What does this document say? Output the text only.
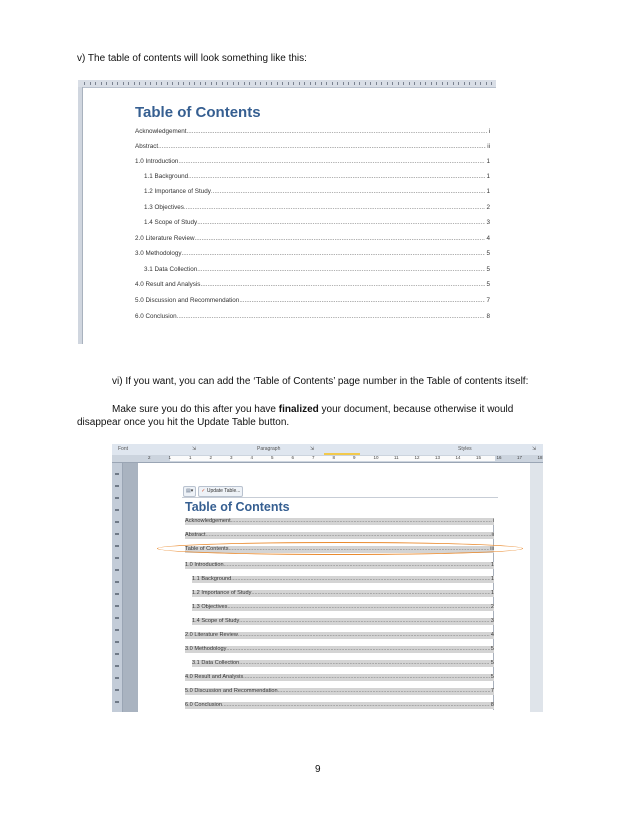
v) The table of contents will look something like this:

Table of Contents
Acknowledgement .....	i
Abstract .....	ii
1.0 Introduction .....	1
1.1 Background .....	1
1.2 Importance of Study .....	1
1.3 Objectives .....	2
1.4 Scope of Study .....	3
2.0 Literature Review .....	4
3.0 Methodology .....	5
3.1 Data Collection .....	5
4.0 Result and Analysis .....	5
5.0 Discussion and Recommendation .....	7
6.0 Conclusion .....	8

vi) If you want, you can add the ‘Table of Contents’ page number in the Table of contents itself:

Make sure you do this after you have finalized your document, because otherwise it would

disappear once you hit the Update Table button.

Font	⇲	Paragraph	⇲	Styles	⇲
2	1	1	2	3	4	5	6	7	8	9	10	11	12	13	14	15	16	17	18
▤ ▾ ✓
Update Table...
Table of Contents
Acknowledgement .....	i
Abstract .....	ii
Table of Contents .....	iii
1.0 Introduction .....	1
1.1 Background .....	1
1.2 Importance of Study .....	1
1.3 Objectives .....	2
1.4 Scope of Study .....	3
2.0 Literature Review .....	4
3.0 Methodology .....	5
3.1 Data Collection .....	5
4.0 Result and Analysis .....	5
5.0 Discussion and Recommendation .....	7
6.0 Conclusion .....	8

9
